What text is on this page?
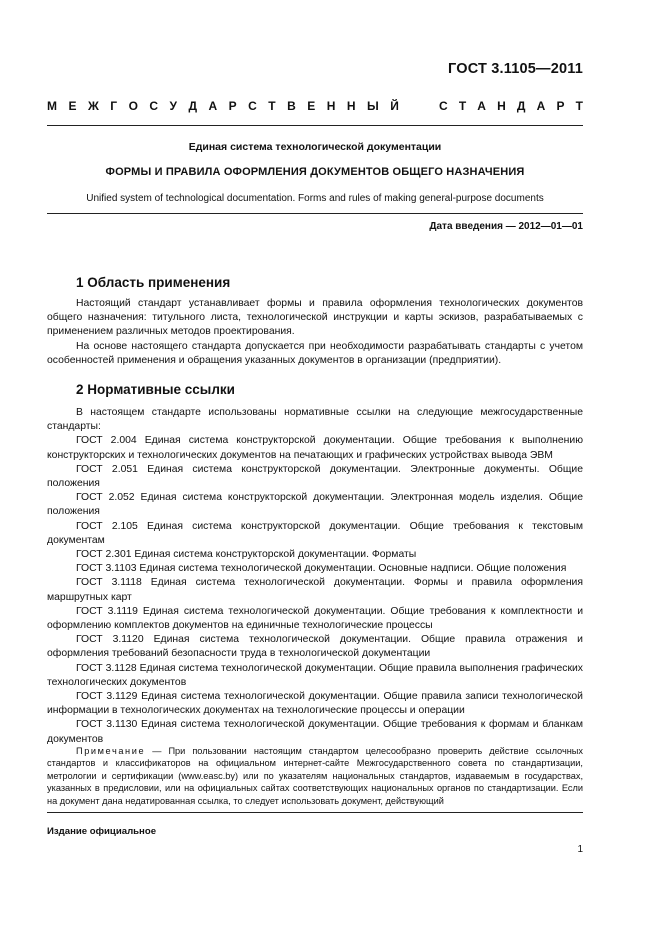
ГОСТ 3.1105—2011
М Е Ж Г О С У Д А Р С Т В Е Н Н Ы Й	С Т А Н Д А Р Т
Единая система технологической документации
ФОРМЫ И ПРАВИЛА ОФОРМЛЕНИЯ ДОКУМЕНТОВ ОБЩЕГО НАЗНАЧЕНИЯ
Unified system of technological documentation. Forms and rules of making general-purpose documents
Дата введения — 2012—01—01
1 Область применения

Настоящий стандарт устанавливает формы и правила оформления технологических документов общего назначения: титульного листа, технологической инструкции и карты эскизов, разрабатываемых с применением различных методов проектирования.

На основе настоящего стандарта допускается при необходимости разрабатывать стандарты с учетом особенностей применения и обращения указанных документов в организации (предприятии).

2 Нормативные ссылки

В настоящем стандарте использованы нормативные ссылки на следующие межгосударственные стандарты:

ГОСТ 2.004 Единая система конструкторской документации. Общие требования к выполнению конструкторских и технологических документов на печатающих и графических устройствах вывода ЭВМ

ГОСТ 2.051 Единая система конструкторской документации. Электронные документы. Общие положения

ГОСТ 2.052 Единая система конструкторской документации. Электронная модель изделия. Общие положения

ГОСТ 2.105 Единая система конструкторской документации. Общие требования к текстовым документам

ГОСТ 2.301 Единая система конструкторской документации. Форматы

ГОСТ 3.1103 Единая система технологической документации. Основные надписи. Общие положения

ГОСТ 3.1118 Единая система технологической документации. Формы и правила оформления маршрутных карт

ГОСТ 3.1119 Единая система технологической документации. Общие требования к комплектности и оформлению комплектов документов на единичные технологические процессы

ГОСТ 3.1120 Единая система технологической документации. Общие правила отражения и оформления требований безопасности труда в технологической документации

ГОСТ 3.1128 Единая система технологической документации. Общие правила выполнения графических технологических документов

ГОСТ 3.1129 Единая система технологической документации. Общие правила записи технологической информации в технологических документах на технологические процессы и операции

ГОСТ 3.1130 Единая система технологической документации. Общие требования к формам и бланкам документов

Примечание — При пользовании настоящим стандартом целесообразно проверить действие ссылочных стандартов и классификаторов на официальном интернет-сайте Межгосударственного совета по стандартизации, метрологии и сертификации (www.easc.by) или по указателям национальных стандартов, издаваемым в государствах, указанных в предисловии, или на официальных сайтах соответствующих национальных органов по стандартизации. Если на документ дана недатированная ссылка, то следует использовать документ, действующий

Издание официальное
1
